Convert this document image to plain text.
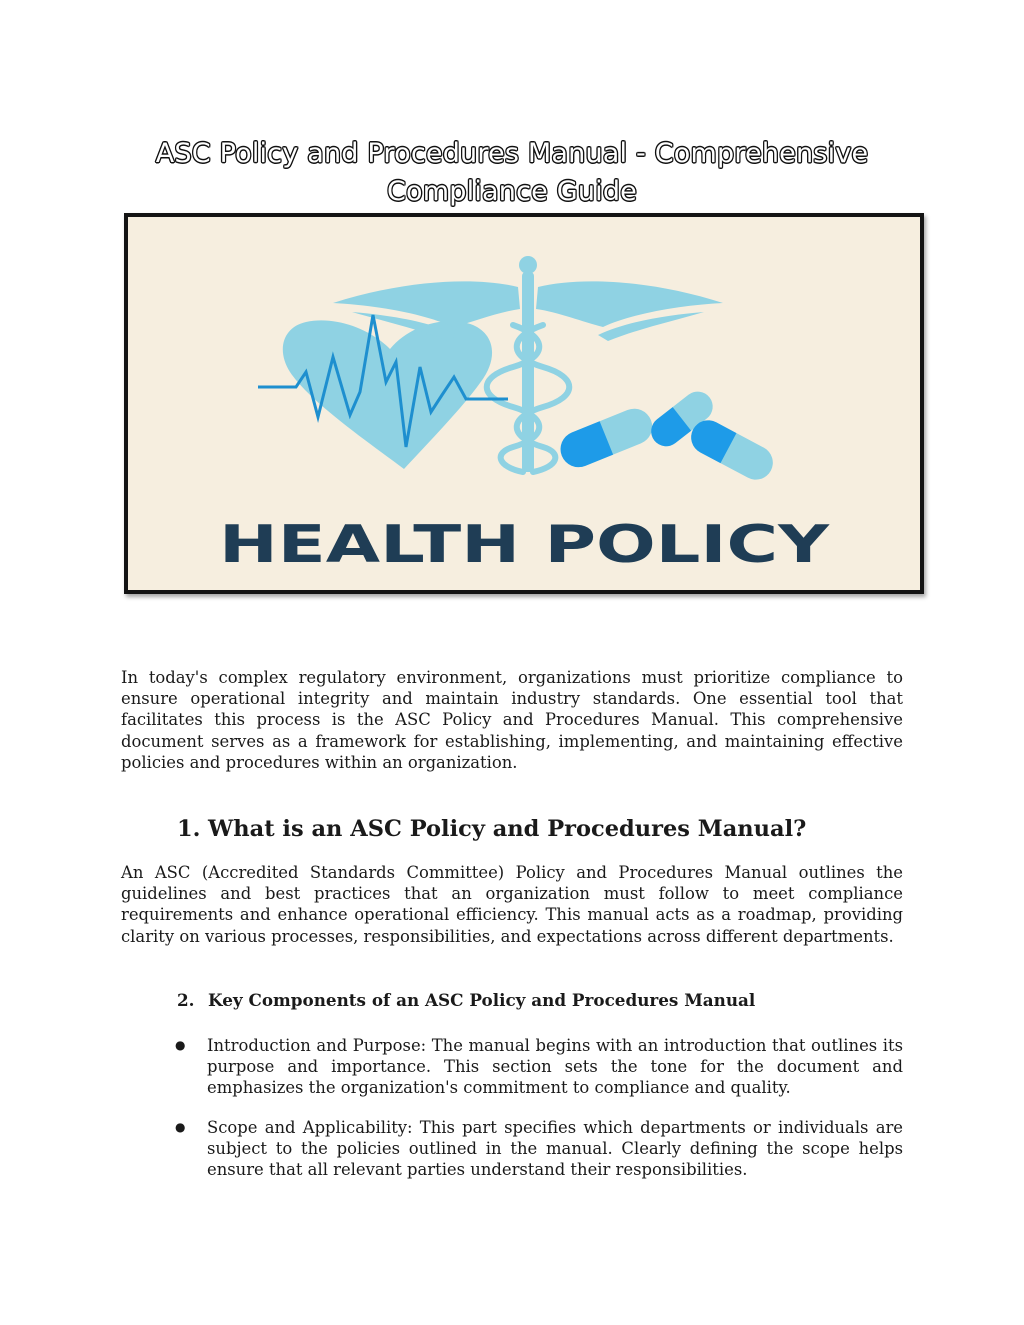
ASC Policy and Procedures Manual - Comprehensive
Compliance Guide
HEALTH POLICY

In today's complex regulatory environment, organizations must prioritize compliance to ensure operational integrity and maintain industry standards. One essential tool that facilitates this process is the ASC Policy and Procedures Manual. This comprehensive document serves as a framework for establishing, implementing, and maintaining effective policies and procedures within an organization.

1. What is an ASC Policy and Procedures Manual?

An ASC (Accredited Standards Committee) Policy and Procedures Manual outlines the guidelines and best practices that an organization must follow to meet compliance requirements and enhance operational efficiency. This manual acts as a roadmap, providing clarity on various processes, responsibilities, and expectations across different departments.

2. Key Components of an ASC Policy and Procedures Manual

● Introduction and Purpose: The manual begins with an introduction that outlines its purpose and importance. This section sets the tone for the document and emphasizes the organization's commitment to compliance and quality.

● Scope and Applicability: This part specifies which departments or individuals are subject to the policies outlined in the manual. Clearly defining the scope helps ensure that all relevant parties understand their responsibilities.
